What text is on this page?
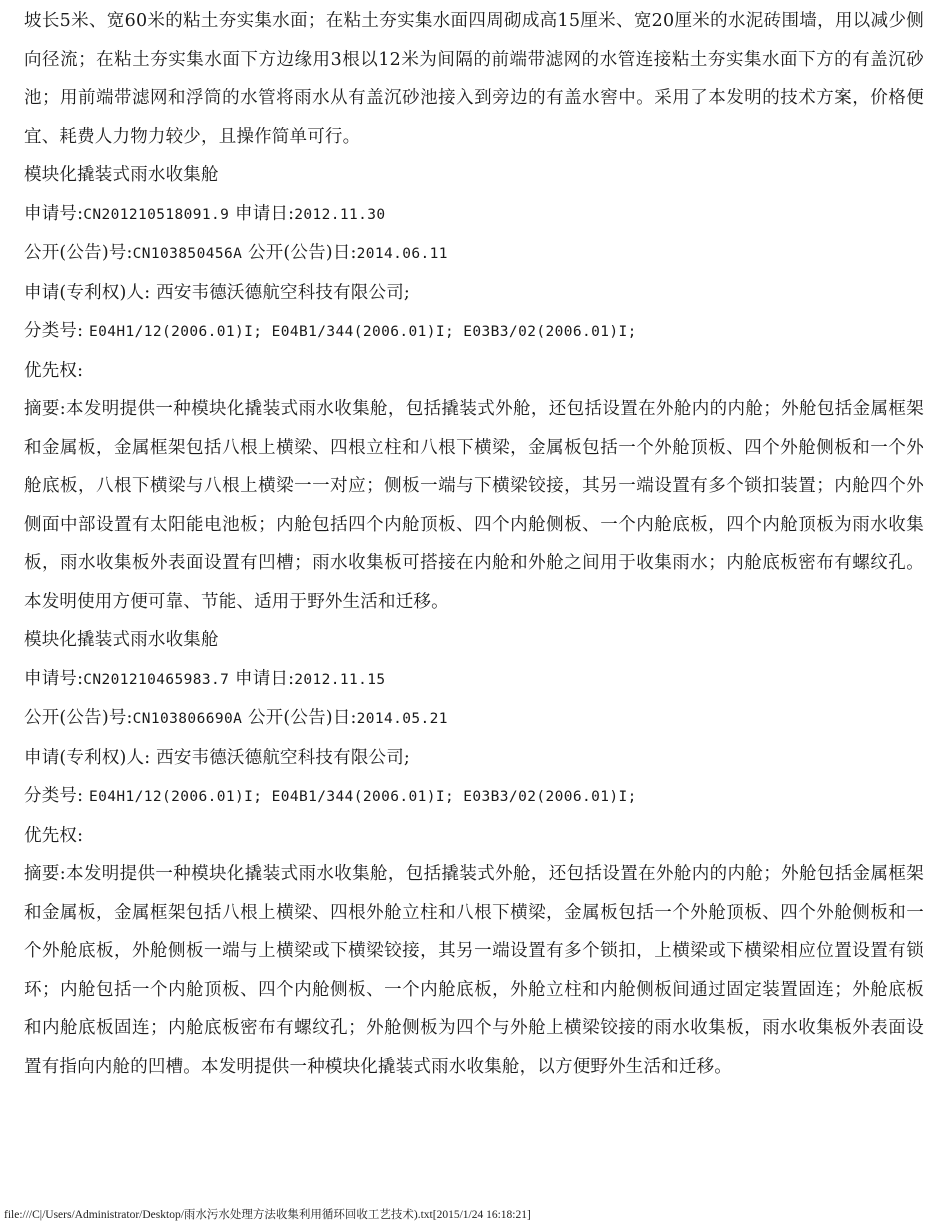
坡长5米、宽60米的粘土夯实集水面；在粘土夯实集水面四周砌成高15厘米、宽20厘米的水泥砖围墙，用以减少侧向径流；在粘土夯实集水面下方边缘用3根以12米为间隔的前端带滤网的水管连接粘土夯实集水面下方的有盖沉砂池；用前端带滤网和浮筒的水管将雨水从有盖沉砂池接入到旁边的有盖水窖中。采用了本发明的技术方案，价格便宜、耗费人力物力较少，且操作简单可行。

模块化撬装式雨水收集舱

申请号:CN201210518091.9 申请日:2012.11.30

公开(公告)号:CN103850456A 公开(公告)日:2014.06.11

申请(专利权)人: 西安韦德沃德航空科技有限公司;

分类号: E04H1/12(2006.01)I; E04B1/344(2006.01)I; E03B3/02(2006.01)I;

优先权:

摘要:本发明提供一种模块化撬装式雨水收集舱，包括撬装式外舱，还包括设置在外舱内的内舱；外舱包括金属框架和金属板，金属框架包括八根上横梁、四根立柱和八根下横梁，金属板包括一个外舱顶板、四个外舱侧板和一个外舱底板，八根下横梁与八根上横梁一一对应；侧板一端与下横梁铰接，其另一端设置有多个锁扣装置；内舱四个外侧面中部设置有太阳能电池板；内舱包括四个内舱顶板、四个内舱侧板、一个内舱底板，四个内舱顶板为雨水收集板，雨水收集板外表面设置有凹槽；雨水收集板可搭接在内舱和外舱之间用于收集雨水；内舱底板密布有螺纹孔。本发明使用方便可靠、节能、适用于野外生活和迁移。

模块化撬装式雨水收集舱

申请号:CN201210465983.7 申请日:2012.11.15

公开(公告)号:CN103806690A 公开(公告)日:2014.05.21

申请(专利权)人: 西安韦德沃德航空科技有限公司;

分类号: E04H1/12(2006.01)I; E04B1/344(2006.01)I; E03B3/02(2006.01)I;

优先权:

摘要:本发明提供一种模块化撬装式雨水收集舱，包括撬装式外舱，还包括设置在外舱内的内舱；外舱包括金属框架和金属板，金属框架包括八根上横梁、四根外舱立柱和八根下横梁，金属板包括一个外舱顶板、四个外舱侧板和一个外舱底板，外舱侧板一端与上横梁或下横梁铰接，其另一端设置有多个锁扣，上横梁或下横梁相应位置设置有锁环；内舱包括一个内舱顶板、四个内舱侧板、一个内舱底板，外舱立柱和内舱侧板间通过固定装置固连；外舱底板和内舱底板固连；内舱底板密布有螺纹孔；外舱侧板为四个与外舱上横梁铰接的雨水收集板，雨水收集板外表面设置有指向内舱的凹槽。本发明提供一种模块化撬装式雨水收集舱，以方便野外生活和迁移。

file:///C|/Users/Administrator/Desktop/雨水污水处理方法收集利用循环回收工艺技术).txt[2015/1/24 16:18:21]
